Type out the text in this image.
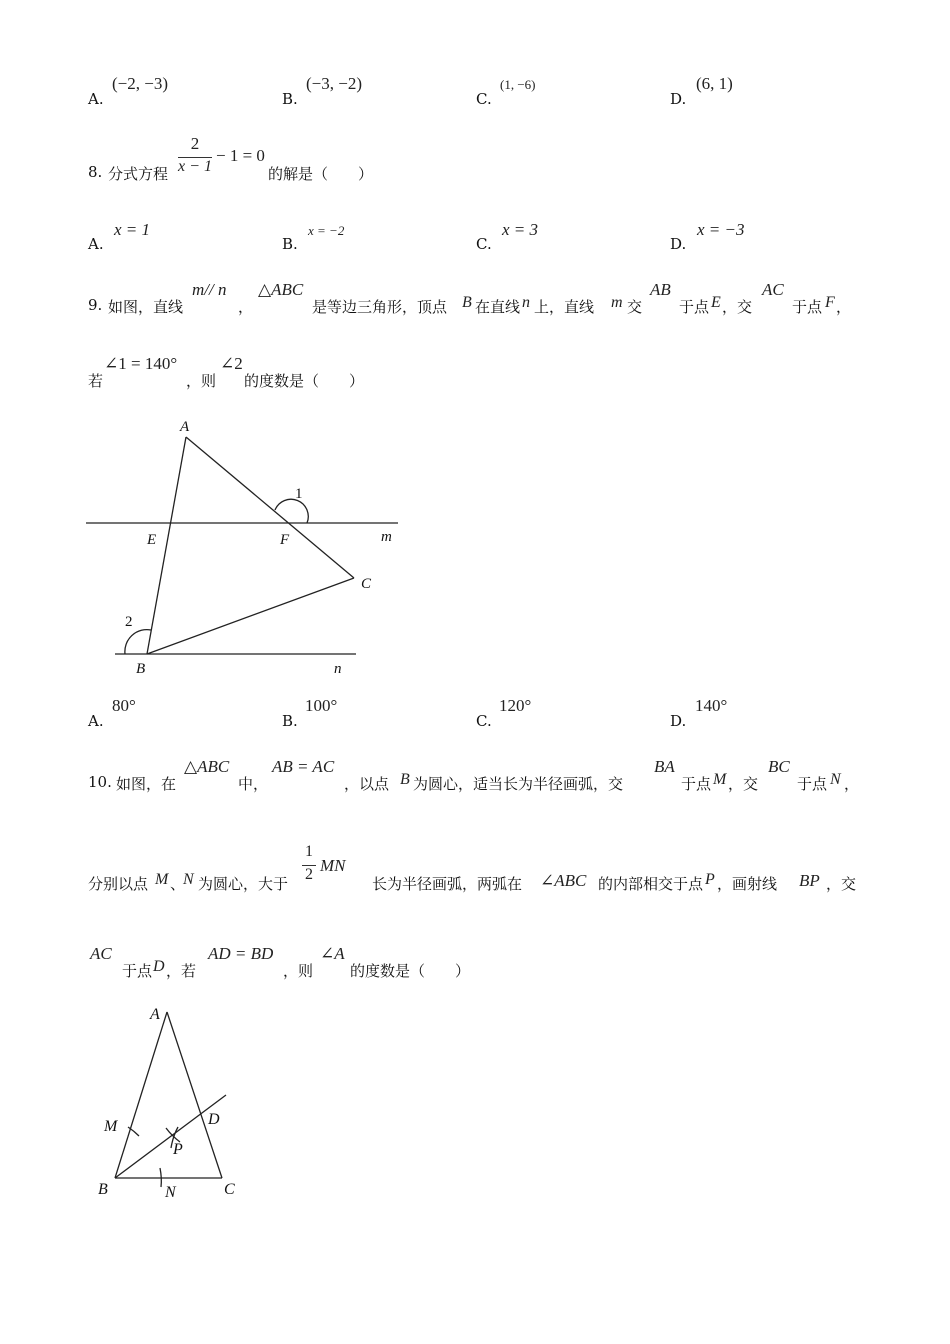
A.
(−2, −3)
B.
(−3, −2)
C.
(1, −6)
D.
(6, 1)
8. 分式方程
2
x − 1
− 1 = 0
的解是（　　）
A.
x = 1
B.
x = −2
C.
x = 3
D.
x = −3
9. 如图，直线
m// n
，
△ABC
是等边三角形，顶点 B 在直线 n 上，直线 m 交
AB
于点 E ，交
AC
于点 F ，
若
∠1 = 140°
，则
∠2
的度数是（　　）
A
E	F	m
C
B	n
1
2
A.
80°
B.
100°
C.
120°
D.
140°
10. 如图，在
△ABC
中，
AB = AC
，以点 B 为圆心，适当长为半径画弧，交
BA
于点 M ，交
BC
于点 N ，
分别以点 M 、
N 为圆心，大于
1
2 MN
长为半径画弧，两弧在 ∠ABC 的内部相交于点 P ，画射线 BP ，交
AC
于点 D ，若
AD = BD
，则
∠A
的度数是（　　）
A
M	D
P
B	N	C
